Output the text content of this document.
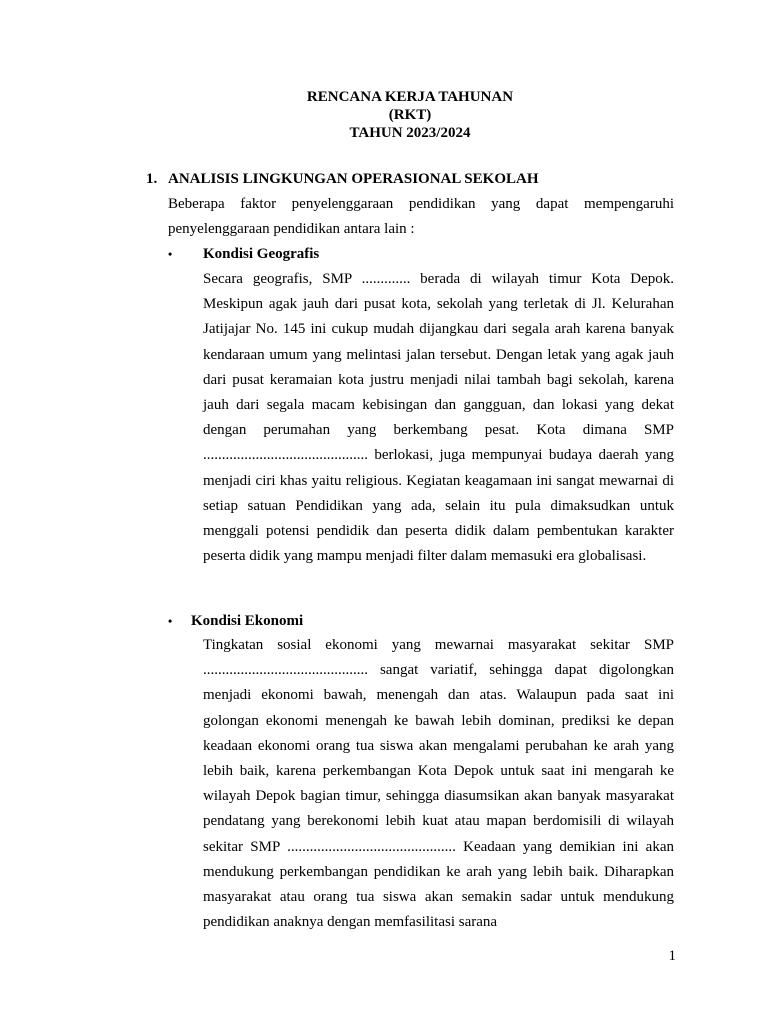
RENCANA KERJA TAHUNAN
(RKT)
TAHUN 2023/2024
1. ANALISIS LINGKUNGAN OPERASIONAL SEKOLAH

Beberapa faktor penyelenggaraan pendidikan yang dapat mempengaruhi penyelenggaraan pendidikan antara lain :

• Kondisi Geografis

Secara geografis, SMP ............. berada di wilayah timur Kota Depok. Meskipun agak jauh dari pusat kota, sekolah yang terletak di Jl. Kelurahan Jatijajar No. 145 ini cukup mudah dijangkau dari segala arah karena banyak kendaraan umum yang melintasi jalan tersebut. Dengan letak yang agak jauh dari pusat keramaian kota justru menjadi nilai tambah bagi sekolah, karena jauh dari segala macam kebisingan dan gangguan, dan lokasi yang dekat dengan perumahan yang berkembang pesat. Kota dimana SMP ............................................ berlokasi, juga mempunyai budaya daerah yang menjadi ciri khas yaitu religious. Kegiatan keagamaan ini sangat mewarnai di setiap satuan Pendidikan yang ada, selain itu pula dimaksudkan untuk menggali potensi pendidik dan peserta didik dalam pembentukan karakter peserta didik yang mampu menjadi filter dalam memasuki era globalisasi.

• Kondisi Ekonomi

Tingkatan sosial ekonomi yang mewarnai masyarakat sekitar SMP ............................................ sangat variatif, sehingga dapat digolongkan menjadi ekonomi bawah, menengah dan atas. Walaupun pada saat ini golongan ekonomi menengah ke bawah lebih dominan, prediksi ke depan keadaan ekonomi orang tua siswa akan mengalami perubahan ke arah yang lebih baik, karena perkembangan Kota Depok untuk saat ini mengarah ke wilayah Depok bagian timur, sehingga diasumsikan akan banyak masyarakat pendatang yang berekonomi lebih kuat atau mapan berdomisili di wilayah sekitar SMP ............................................. Keadaan yang demikian ini akan mendukung perkembangan pendidikan ke arah yang lebih baik. Diharapkan masyarakat atau orang tua siswa akan semakin sadar untuk mendukung pendidikan anaknya dengan memfasilitasi sarana

1
